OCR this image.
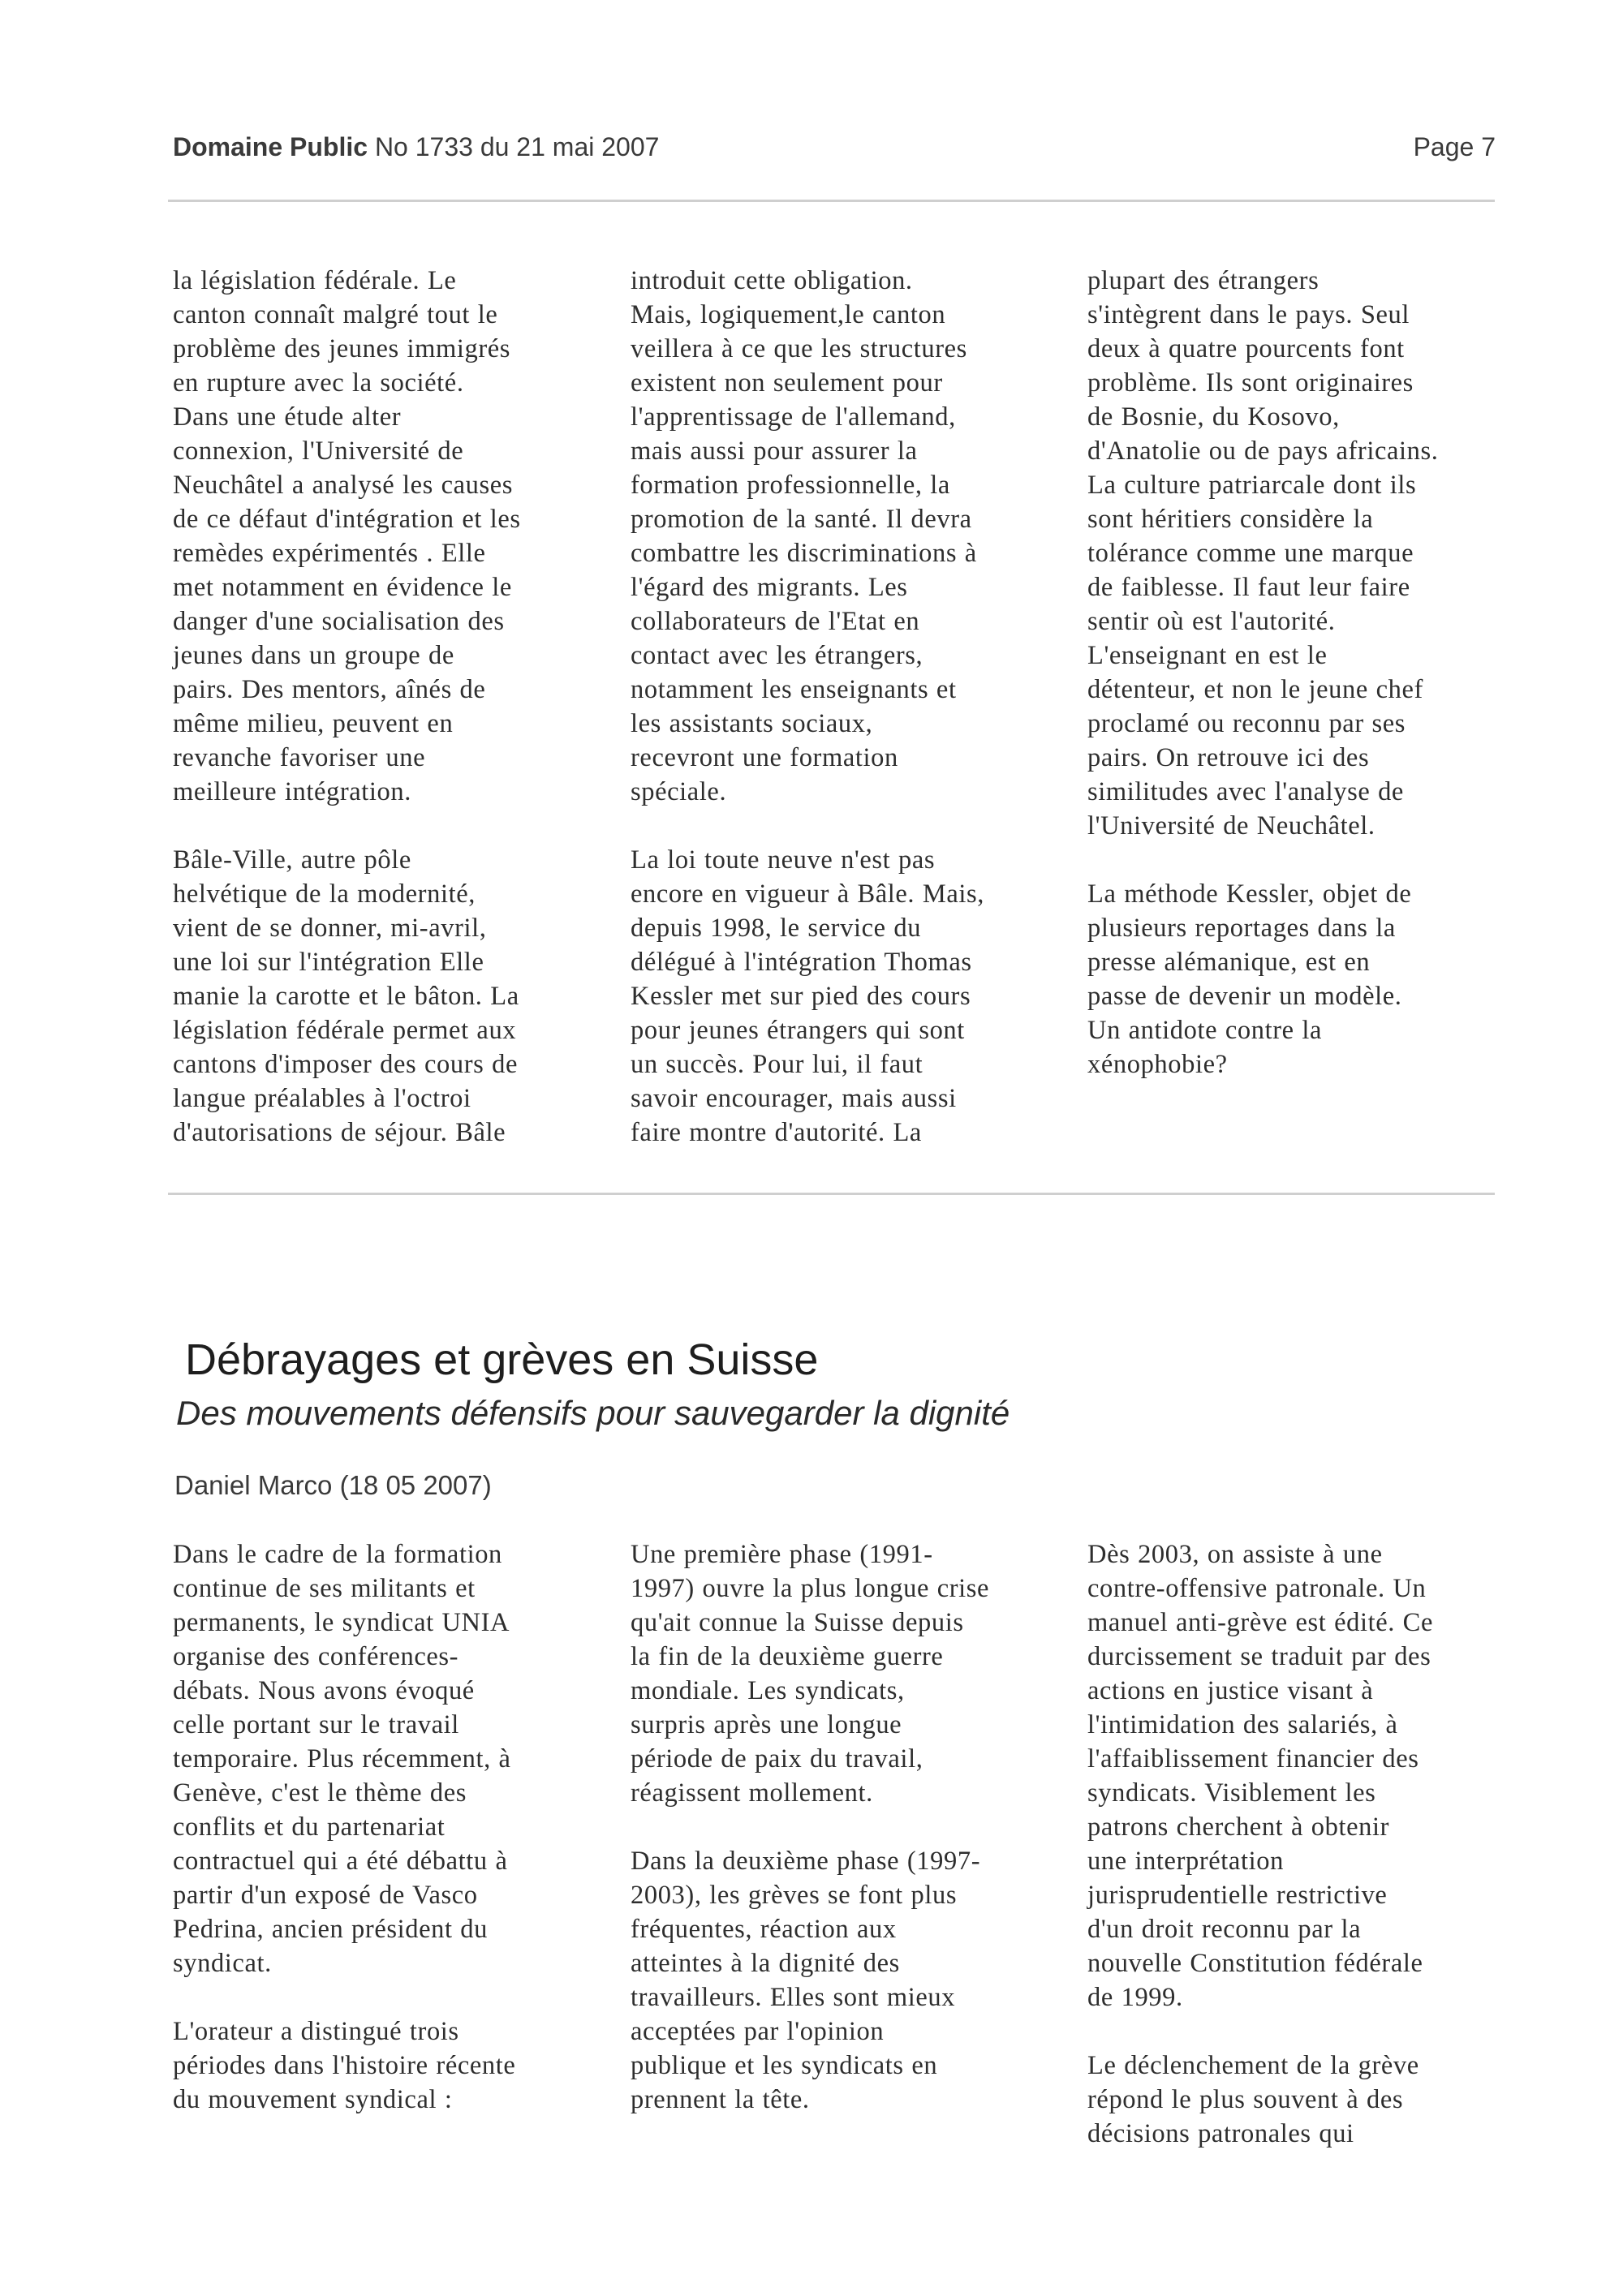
Domaine Public No 1733 du 21 mai 2007	Page 7
la législation fédérale. Le
canton connaît malgré tout le
problème des jeunes immigrés
en rupture avec la société.
Dans une étude alter
connexion, l'Université de
Neuchâtel a analysé les causes
de ce défaut d'intégration et les
remèdes expérimentés . Elle
met notamment en évidence le
danger d'une socialisation des
jeunes dans un groupe de
pairs. Des mentors, aînés de
même milieu, peuvent en
revanche favoriser une
meilleure intégration.
Bâle-Ville, autre pôle
helvétique de la modernité,
vient de se donner, mi-avril,
une loi sur l'intégration Elle
manie la carotte et le bâton. La
législation fédérale permet aux
cantons d'imposer des cours de
langue préalables à l'octroi
d'autorisations de séjour. Bâle
introduit cette obligation.
Mais, logiquement,le canton
veillera à ce que les structures
existent non seulement pour
l'apprentissage de l'allemand,
mais aussi pour assurer la
formation professionnelle, la
promotion de la santé. Il devra
combattre les discriminations à
l'égard des migrants. Les
collaborateurs de l'Etat en
contact avec les étrangers,
notamment les enseignants et
les assistants sociaux,
recevront une formation
spéciale.
La loi toute neuve n'est pas
encore en vigueur à Bâle. Mais,
depuis 1998, le service du
délégué à l'intégration Thomas
Kessler met sur pied des cours
pour jeunes étrangers qui sont
un succès. Pour lui, il faut
savoir encourager, mais aussi
faire montre d'autorité. La
plupart des étrangers
s'intègrent dans le pays. Seul
deux à quatre pourcents font
problème. Ils sont originaires
de Bosnie, du Kosovo,
d'Anatolie ou de pays africains.
La culture patriarcale dont ils
sont héritiers considère la
tolérance comme une marque
de faiblesse. Il faut leur faire
sentir où est l'autorité.
L'enseignant en est le
détenteur, et non le jeune chef
proclamé ou reconnu par ses
pairs. On retrouve ici des
similitudes avec l'analyse de
l'Université de Neuchâtel.
La méthode Kessler, objet de
plusieurs reportages dans la
presse alémanique, est en
passe de devenir un modèle.
Un antidote contre la
xénophobie?
Débrayages et grèves en Suisse
Des mouvements défensifs pour sauvegarder la dignité
Daniel Marco (18 05 2007)
Dans le cadre de la formation
continue de ses militants et
permanents, le syndicat UNIA
organise des conférences-
débats. Nous avons évoqué
celle portant sur le travail
temporaire. Plus récemment, à
Genève, c'est le thème des
conflits et du partenariat
contractuel qui a été débattu à
partir d'un exposé de Vasco
Pedrina, ancien président du
syndicat.
L'orateur a distingué trois
périodes dans l'histoire récente
du mouvement syndical :
Une première phase (1991-
1997) ouvre la plus longue crise
qu'ait connue la Suisse depuis
la fin de la deuxième guerre
mondiale. Les syndicats,
surpris après une longue
période de paix du travail,
réagissent mollement.
Dans la deuxième phase (1997-
2003), les grèves se font plus
fréquentes, réaction aux
atteintes à la dignité des
travailleurs. Elles sont mieux
acceptées par l'opinion
publique et les syndicats en
prennent la tête.
Dès 2003, on assiste à une
contre-offensive patronale. Un
manuel anti-grève est édité. Ce
durcissement se traduit par des
actions en justice visant à
l'intimidation des salariés, à
l'affaiblissement financier des
syndicats. Visiblement les
patrons cherchent à obtenir
une interprétation
jurisprudentielle restrictive
d'un droit reconnu par la
nouvelle Constitution fédérale
de 1999.
Le déclenchement de la grève
répond le plus souvent à des
décisions patronales qui
